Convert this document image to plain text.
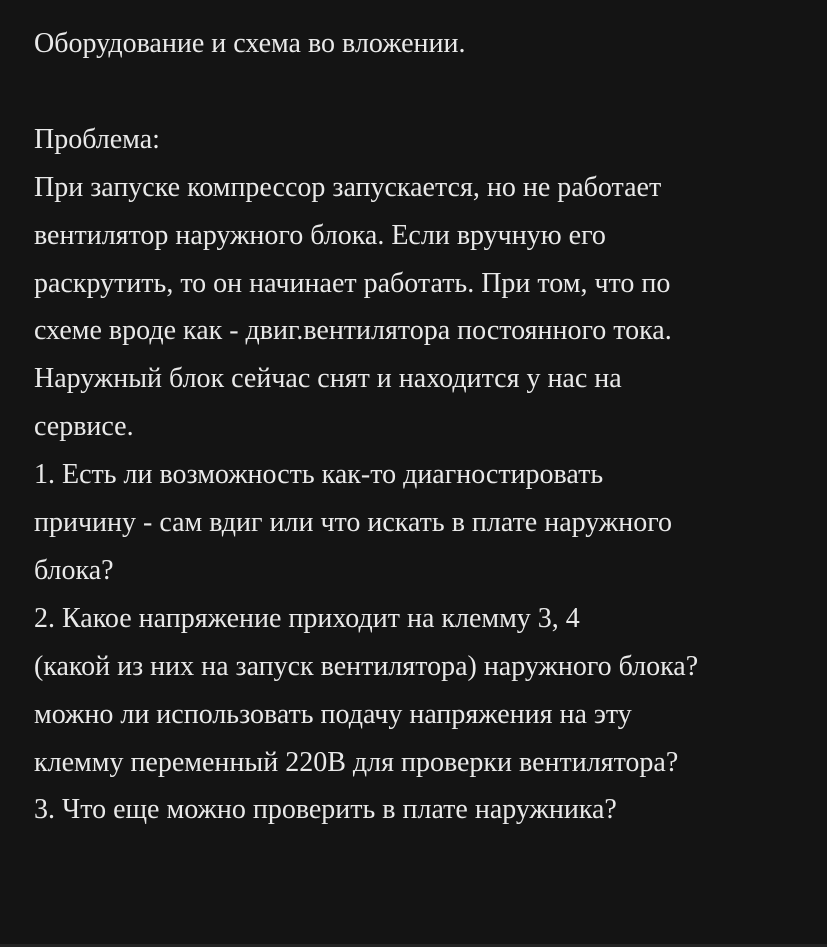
Оборудование и схема во вложении.
Проблема:
При запуске компрессор запускается, но не работает
вентилятор наружного блока. Если вручную его
раскрутить, то он начинает работать. При том, что по
схеме вроде как - двиг.вентилятора постоянного тока.
Наружный блок сейчас снят и находится у нас на
сервисе.
1. Есть ли возможность как-то диагностировать
причину - сам вдиг или что искать в плате наружного
блока?
2. Какое напряжение приходит на клемму 3, 4
(какой из них на запуск вентилятора) наружного блока?
можно ли использовать подачу напряжения на эту
клемму переменный 220В для проверки вентилятора?
3. Что еще можно проверить в плате наружника?
